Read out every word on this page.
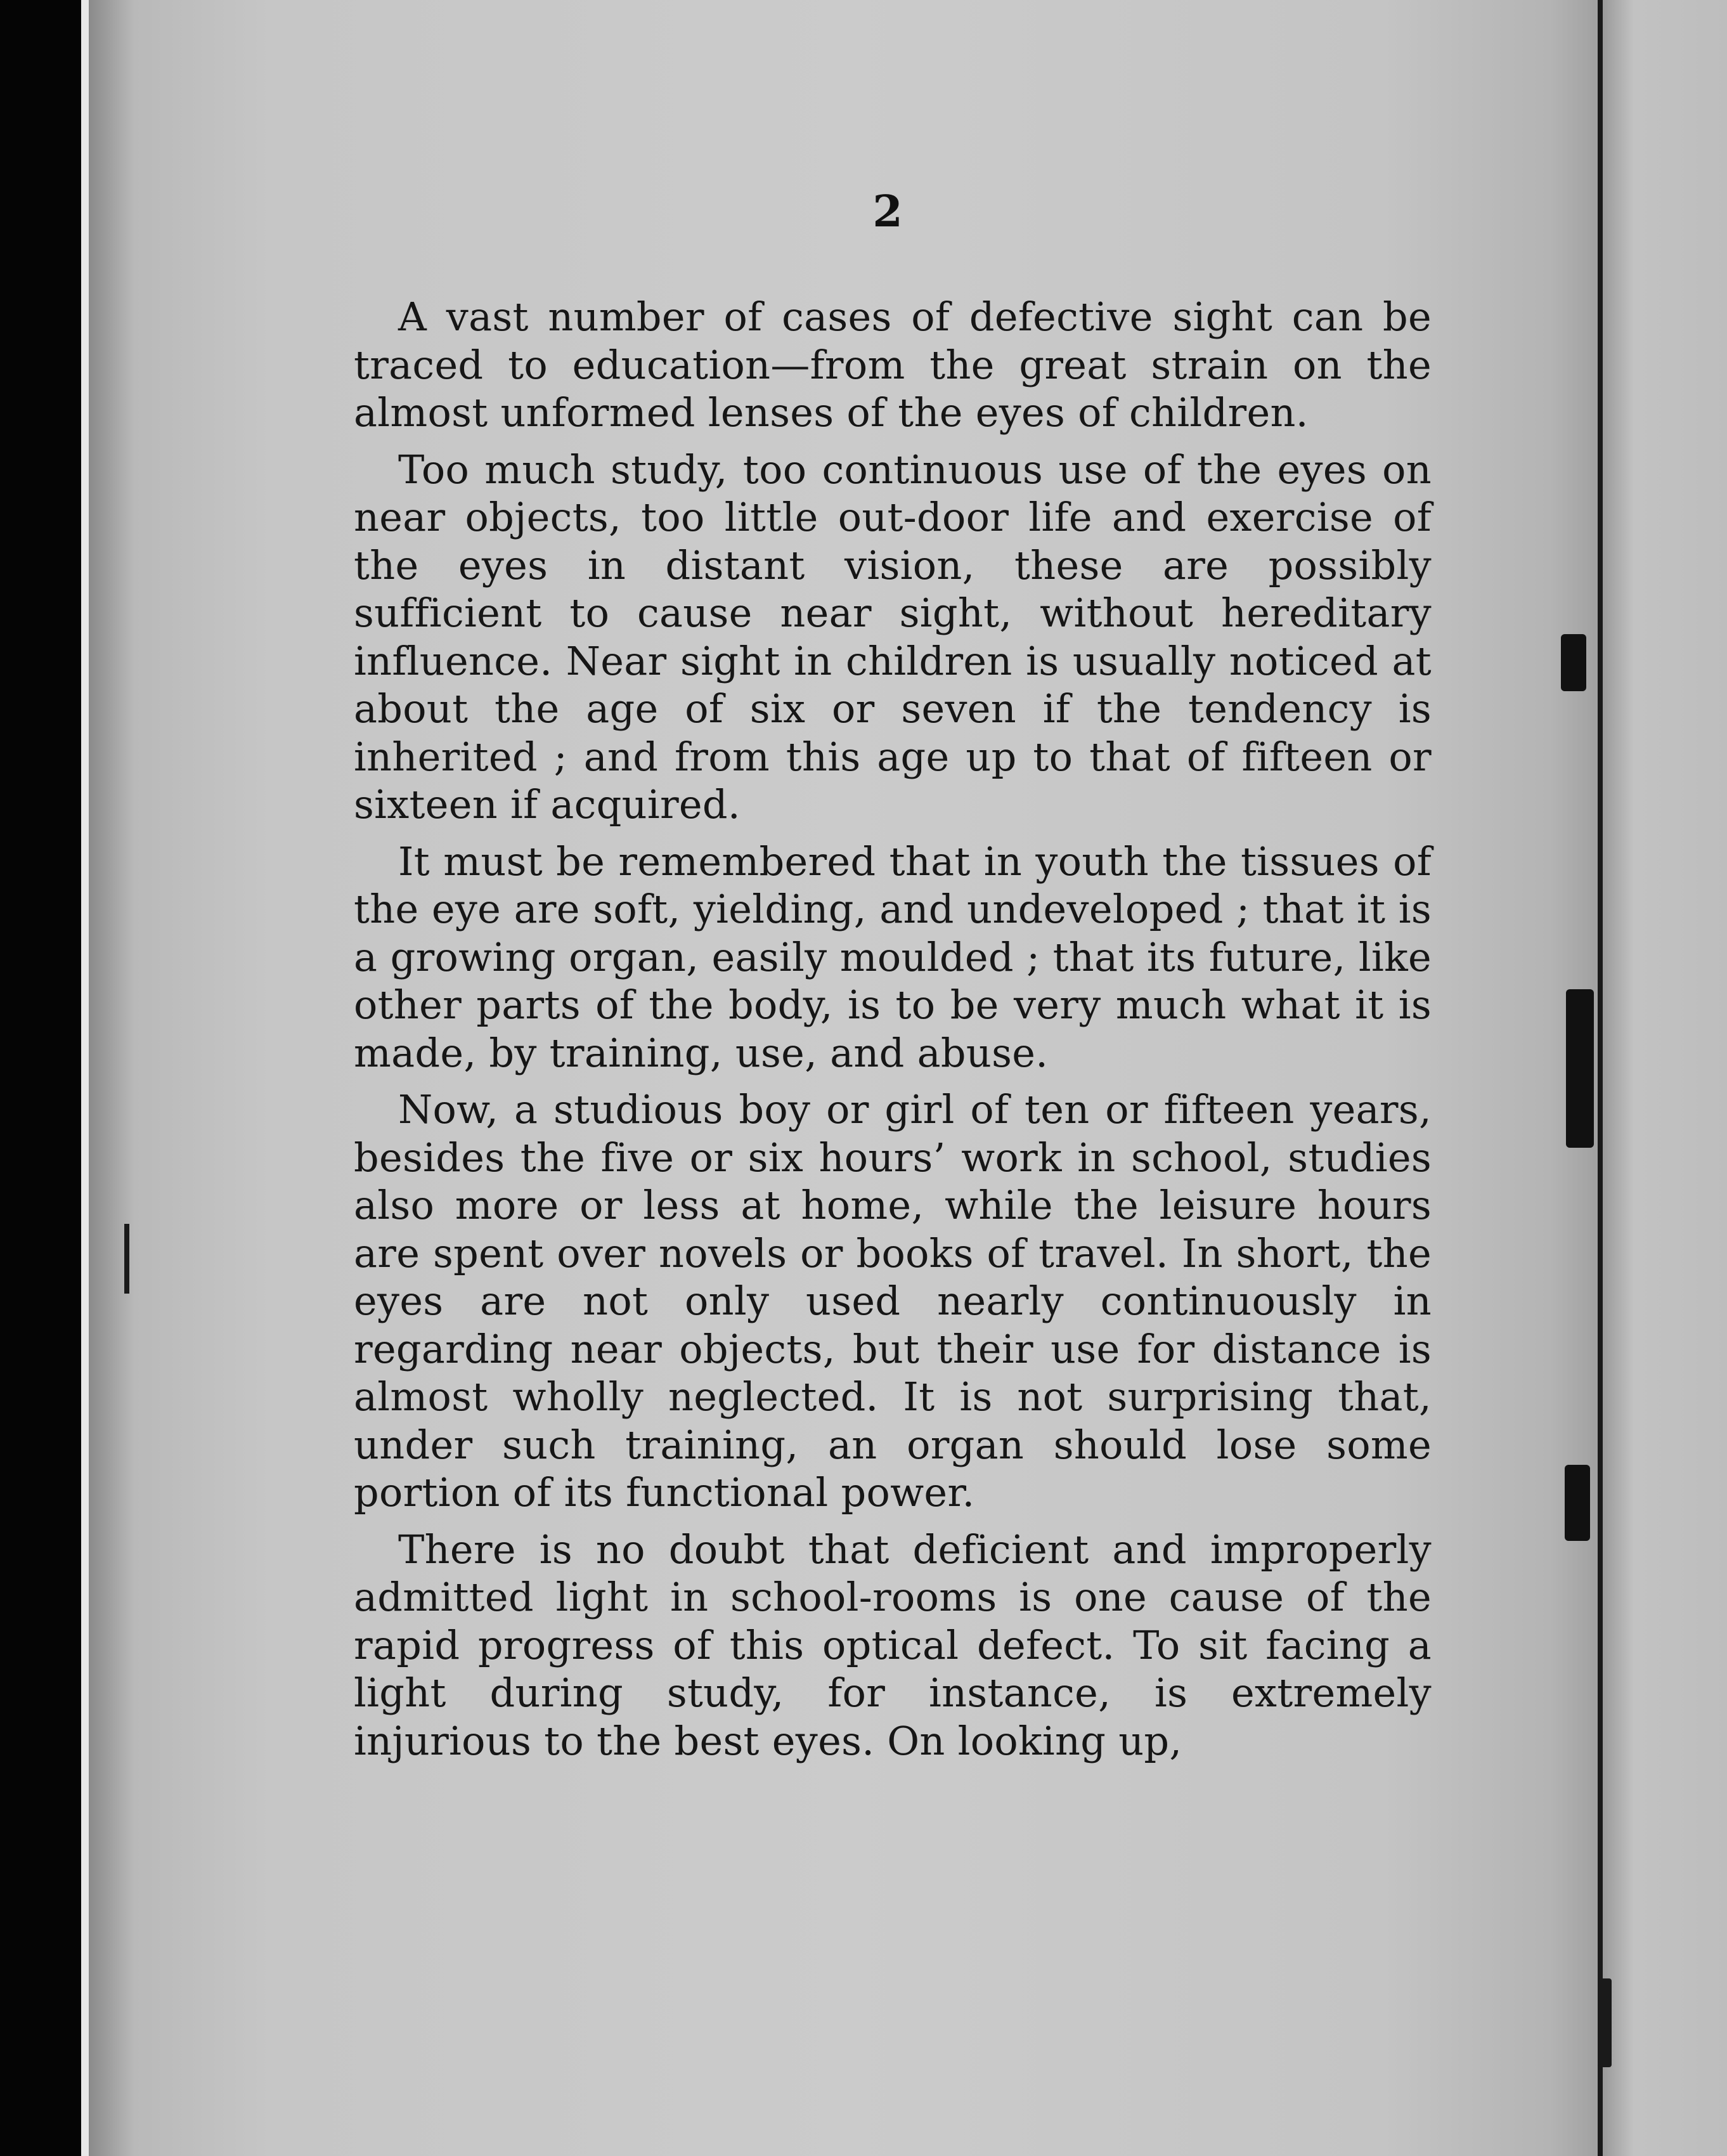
2

A vast number of cases of defective sight can be traced to education—from the great strain on the almost unformed lenses of the eyes of children.

Too much study, too continuous use of the eyes on near objects, too little out-door life and exercise of the eyes in distant vision, these are possibly sufficient to cause near sight, without hereditary influence. Near sight in children is usually noticed at about the age of six or seven if the tendency is inherited ; and from this age up to that of fifteen or sixteen if acquired.

It must be remembered that in youth the tissues of the eye are soft, yielding, and undeveloped ; that it is a growing organ, easily moulded ; that its future, like other parts of the body, is to be very much what it is made, by training, use, and abuse.

Now, a studious boy or girl of ten or fifteen years, besides the five or six hours’ work in school, studies also more or less at home, while the leisure hours are spent over novels or books of travel. In short, the eyes are not only used nearly continuously in regarding near objects, but their use for distance is almost wholly neglected. It is not surprising that, under such training, an organ should lose some portion of its functional power.

There is no doubt that deficient and improperly admitted light in school-rooms is one cause of the rapid progress of this optical defect. To sit facing a light during study, for instance, is extremely injurious to the best eyes. On looking up,
